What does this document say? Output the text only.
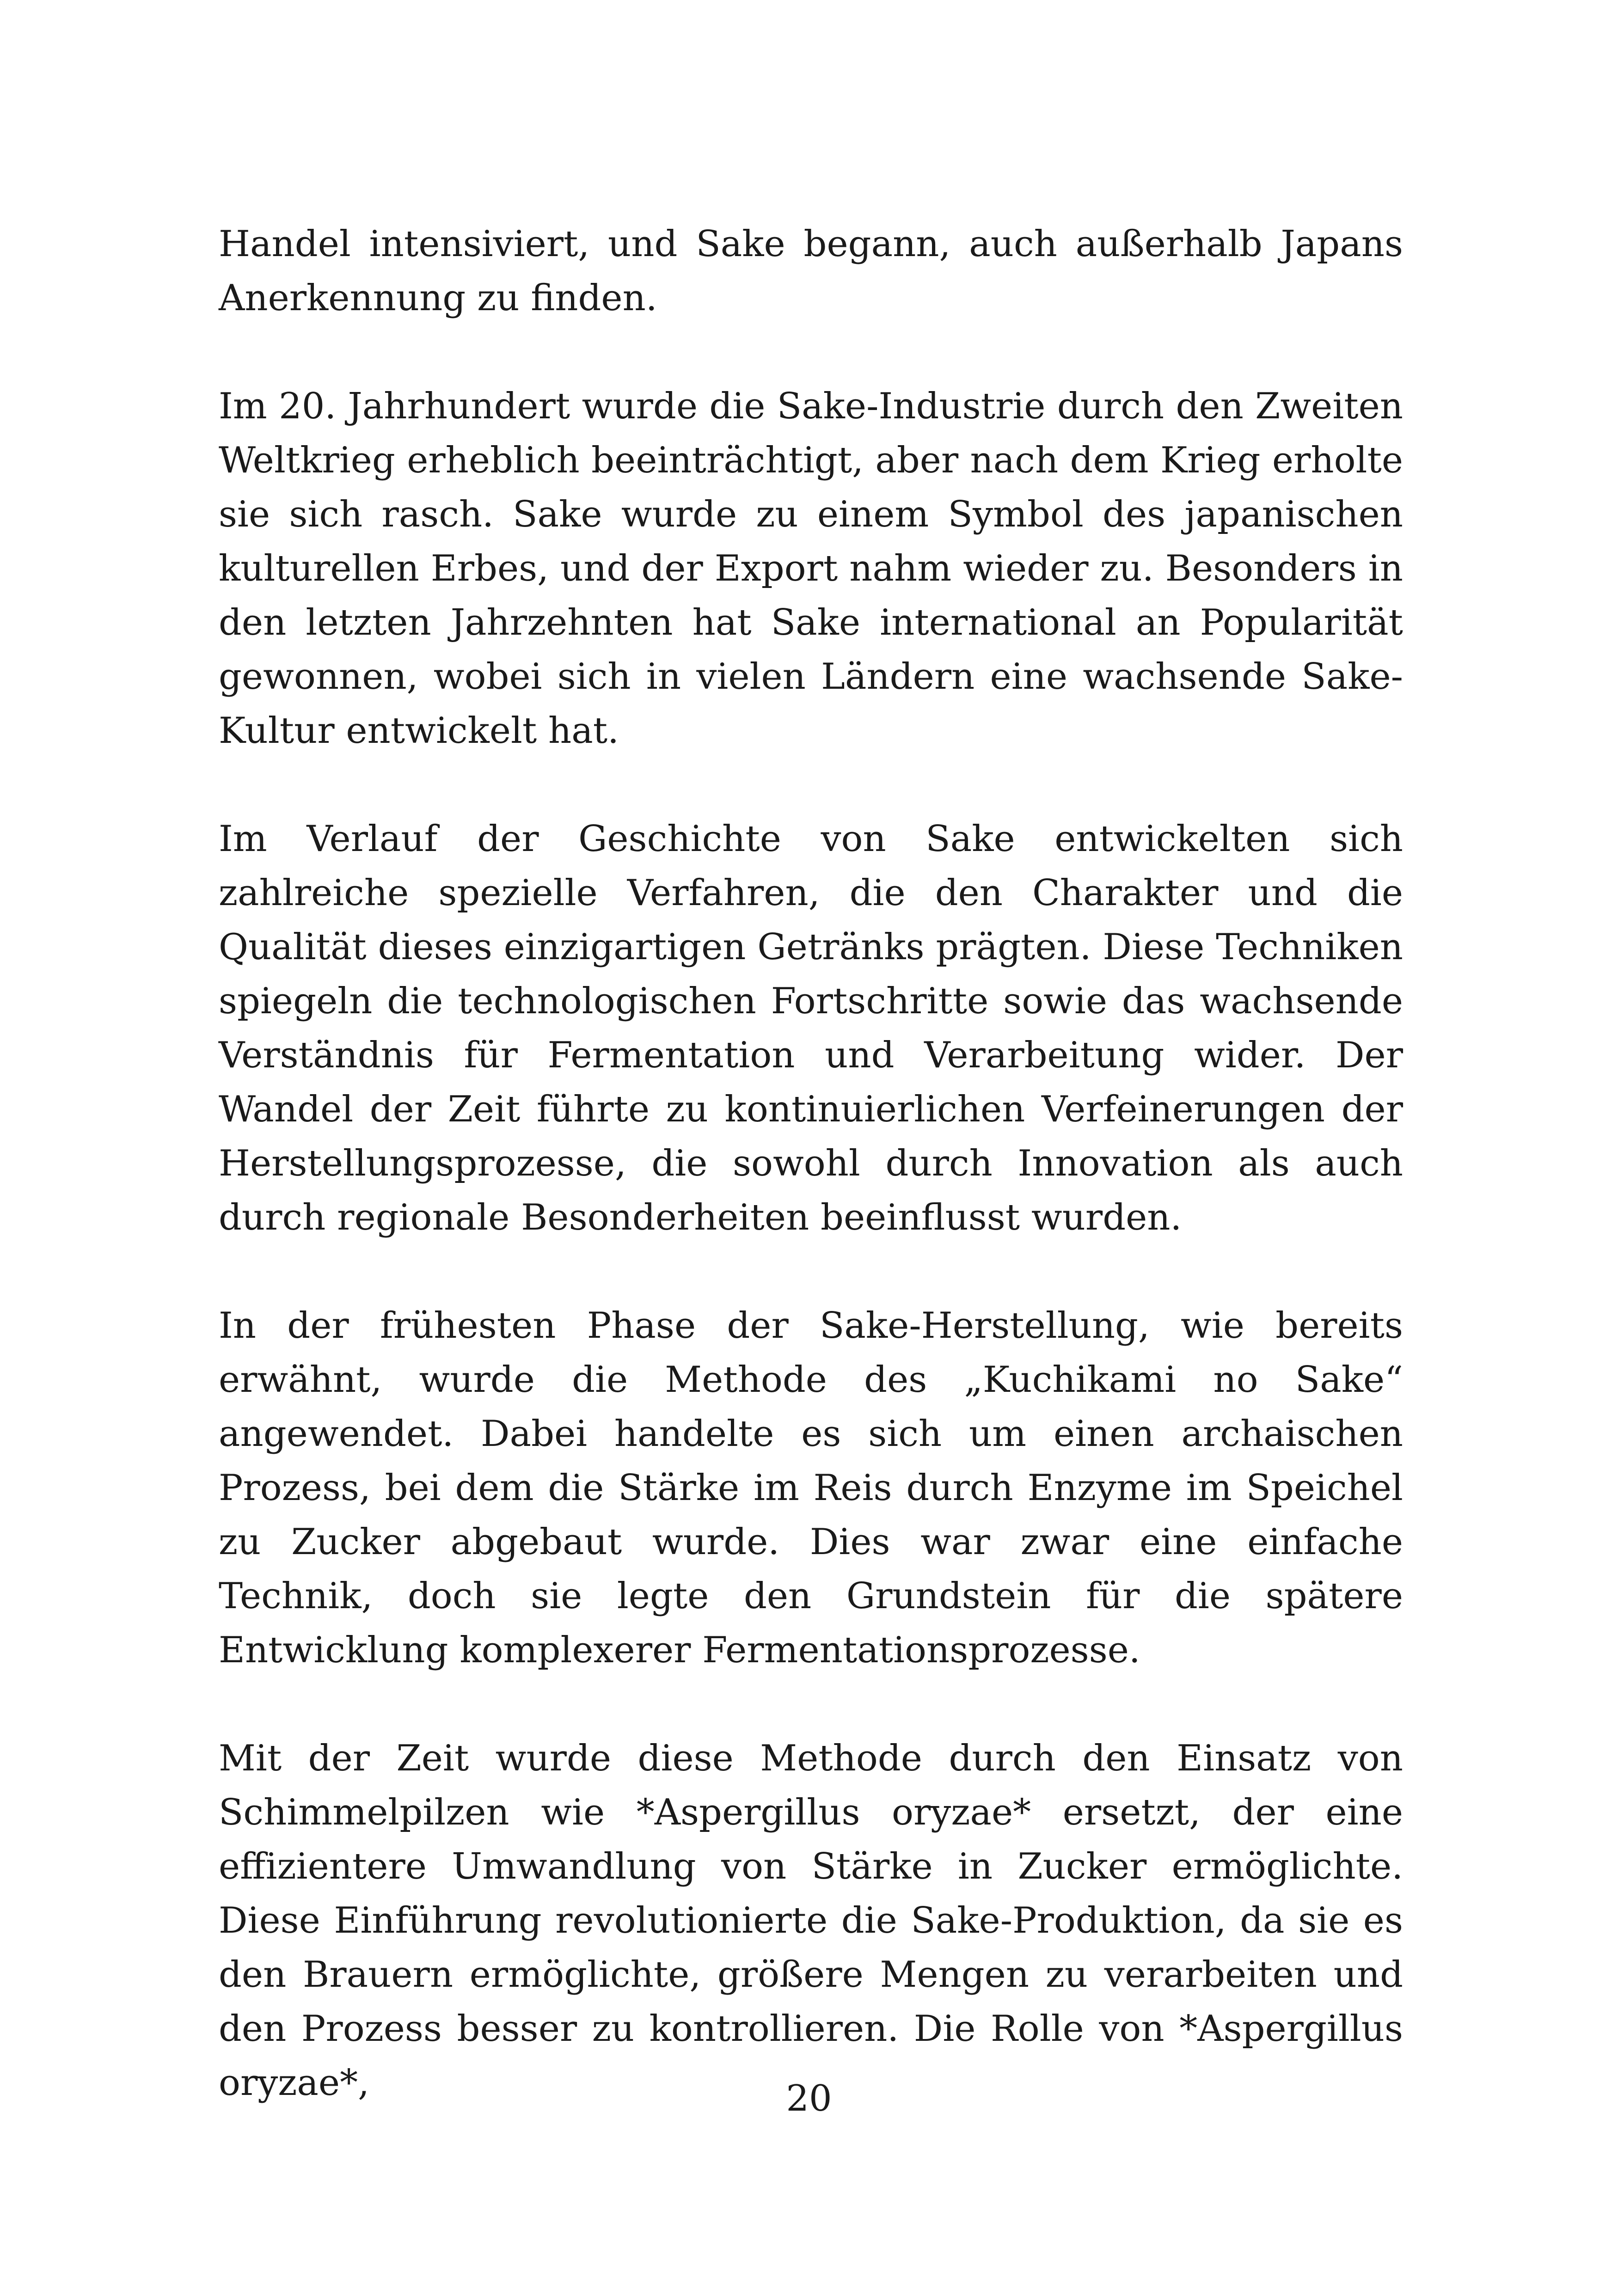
Handel intensiviert, und Sake begann, auch außerhalb Japans Anerkennung zu finden.

Im 20. Jahrhundert wurde die Sake-Industrie durch den Zweiten Weltkrieg erheblich beeinträchtigt, aber nach dem Krieg erholte sie sich rasch. Sake wurde zu einem Symbol des japanischen kulturellen Erbes, und der Export nahm wieder zu. Besonders in den letzten Jahrzehnten hat Sake international an Popularität gewonnen, wobei sich in vielen Ländern eine wachsende Sake-Kultur entwickelt hat.

Im Verlauf der Geschichte von Sake entwickelten sich zahlreiche spezielle Verfahren, die den Charakter und die Qualität dieses einzigartigen Getränks prägten. Diese Techniken spiegeln die technologischen Fortschritte sowie das wachsende Verständnis für Fermentation und Verarbeitung wider. Der Wandel der Zeit führte zu kontinuierlichen Verfeinerungen der Herstellungsprozesse, die sowohl durch Innovation als auch durch regionale Besonderheiten beeinflusst wurden.

In der frühesten Phase der Sake-Herstellung, wie bereits erwähnt, wurde die Methode des „Kuchikami no Sake“ angewendet. Dabei handelte es sich um einen archaischen Prozess, bei dem die Stärke im Reis durch Enzyme im Speichel zu Zucker abgebaut wurde. Dies war zwar eine einfache Technik, doch sie legte den Grundstein für die spätere Entwicklung komplexerer Fermentationsprozesse.

Mit der Zeit wurde diese Methode durch den Einsatz von Schimmelpilzen wie *Aspergillus oryzae* ersetzt, der eine effizientere Umwandlung von Stärke in Zucker ermöglichte. Diese Einführung revolutionierte die Sake-Produktion, da sie es den Brauern ermöglichte, größere Mengen zu verarbeiten und den Prozess besser zu kontrollieren. Die Rolle von *Aspergillus oryzae*,	20
